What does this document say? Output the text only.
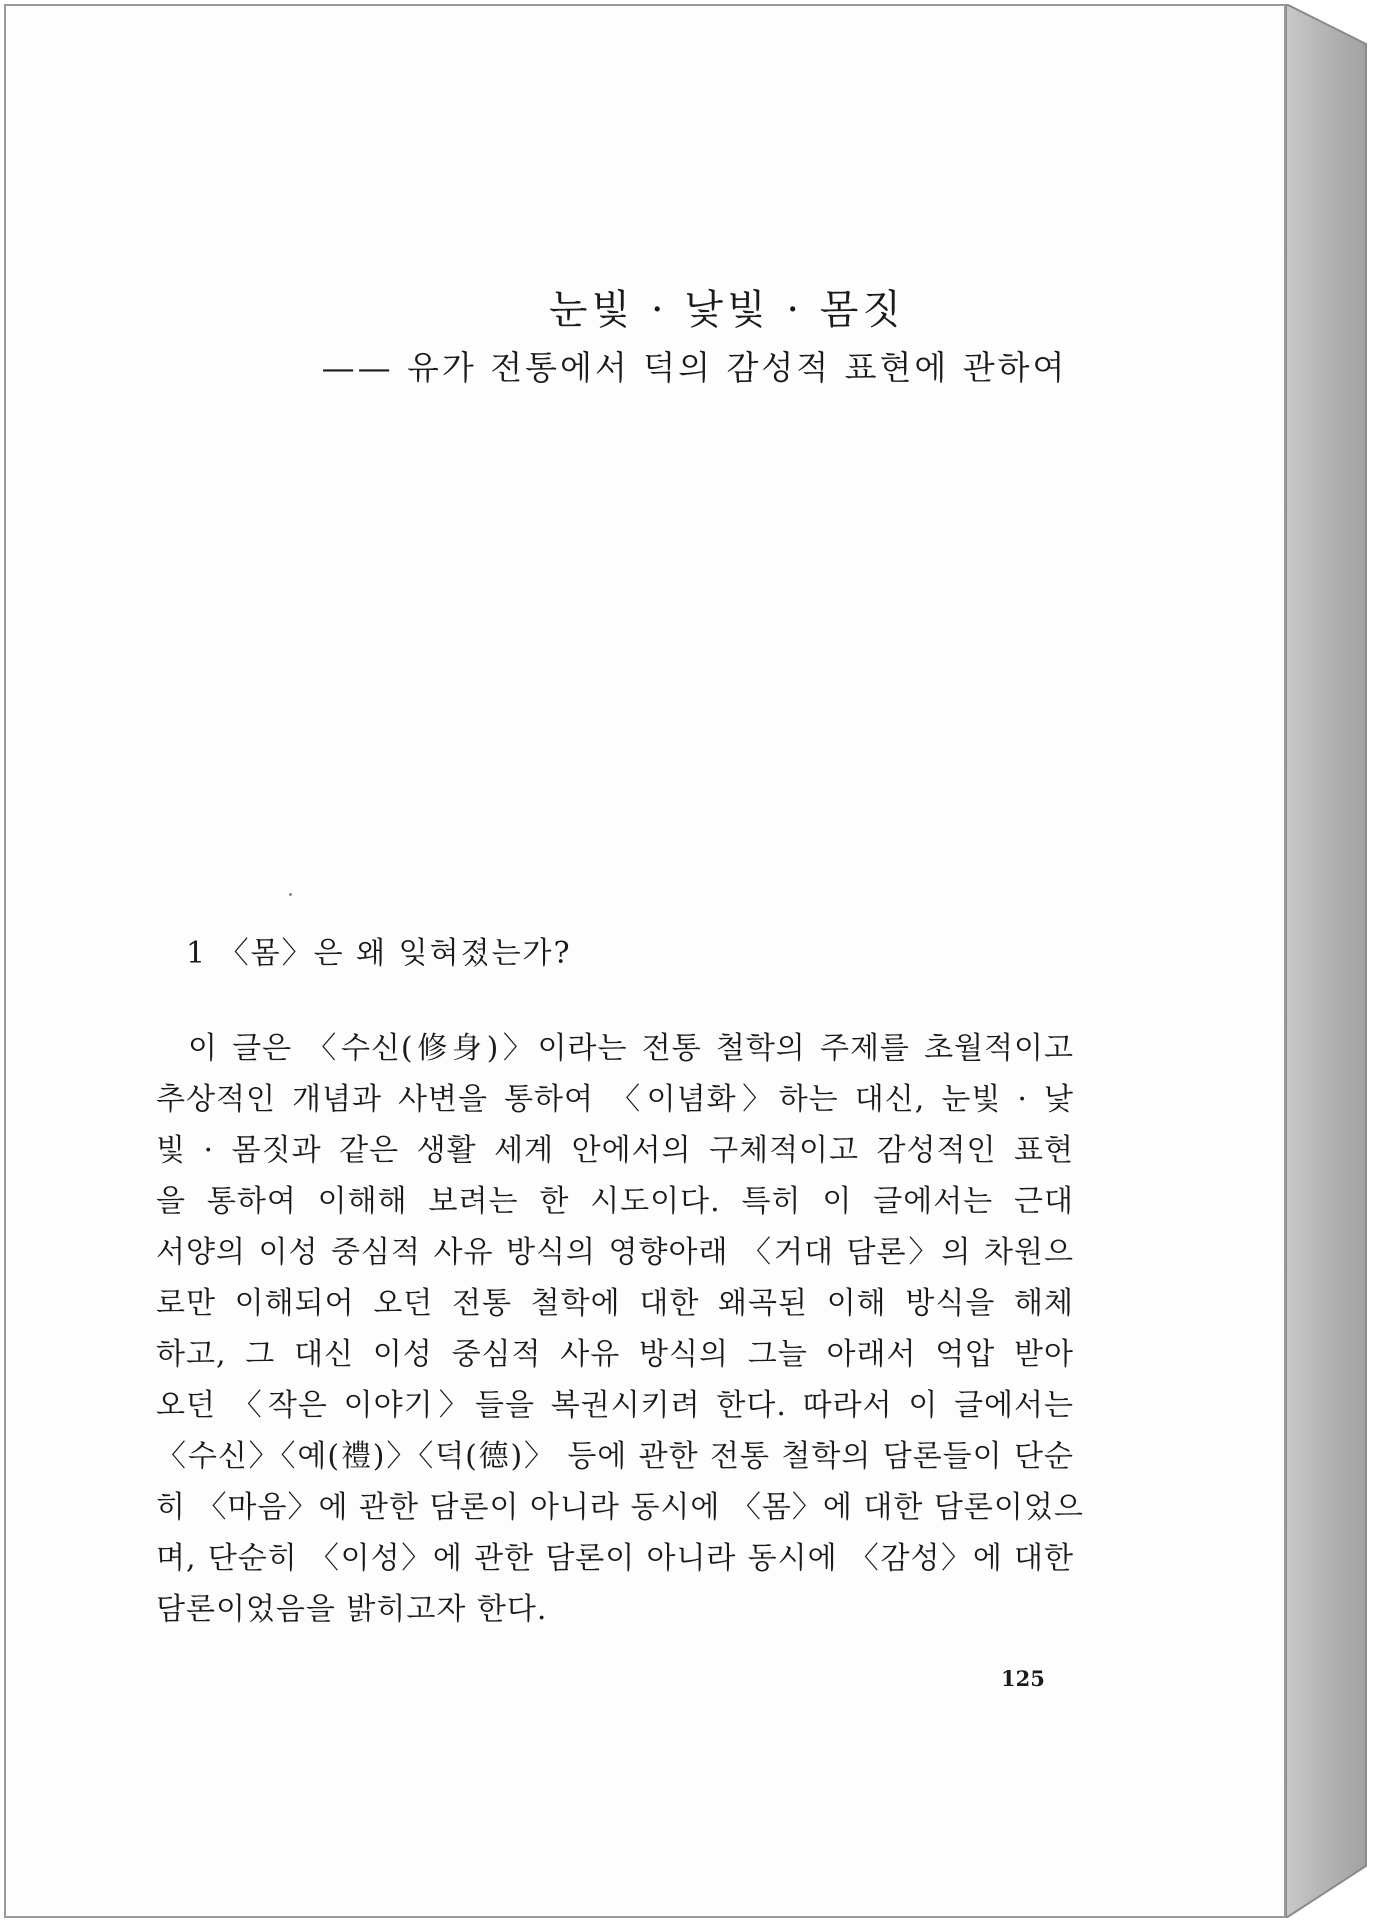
눈빛 · 낯빛 · 몸짓
—— 유가 전통에서 덕의 감성적 표현에 관하여
1 〈몸〉은 왜 잊혀졌는가?
이 글은 〈수신(修身)〉이라는 전통 철학의 주제를 초월적이고
추상적인 개념과 사변을 통하여 〈이념화〉하는 대신, 눈빛 · 낯
빛 · 몸짓과 같은 생활 세계 안에서의 구체적이고 감성적인 표현
을 통하여 이해해 보려는 한 시도이다. 특히 이 글에서는 근대
서양의 이성 중심적 사유 방식의 영향아래 〈거대 담론〉의 차원으
로만 이해되어 오던 전통 철학에 대한 왜곡된 이해 방식을 해체
하고, 그 대신 이성 중심적 사유 방식의 그늘 아래서 억압 받아
오던 〈작은 이야기〉들을 복권시키려 한다. 따라서 이 글에서는
〈수신〉〈예(禮)〉〈덕(德)〉 등에 관한 전통 철학의 담론들이 단순
히 〈마음〉에 관한 담론이 아니라 동시에 〈몸〉에 대한 담론이었으
며, 단순히 〈이성〉에 관한 담론이 아니라 동시에 〈감성〉에 대한
담론이었음을 밝히고자 한다.
125
